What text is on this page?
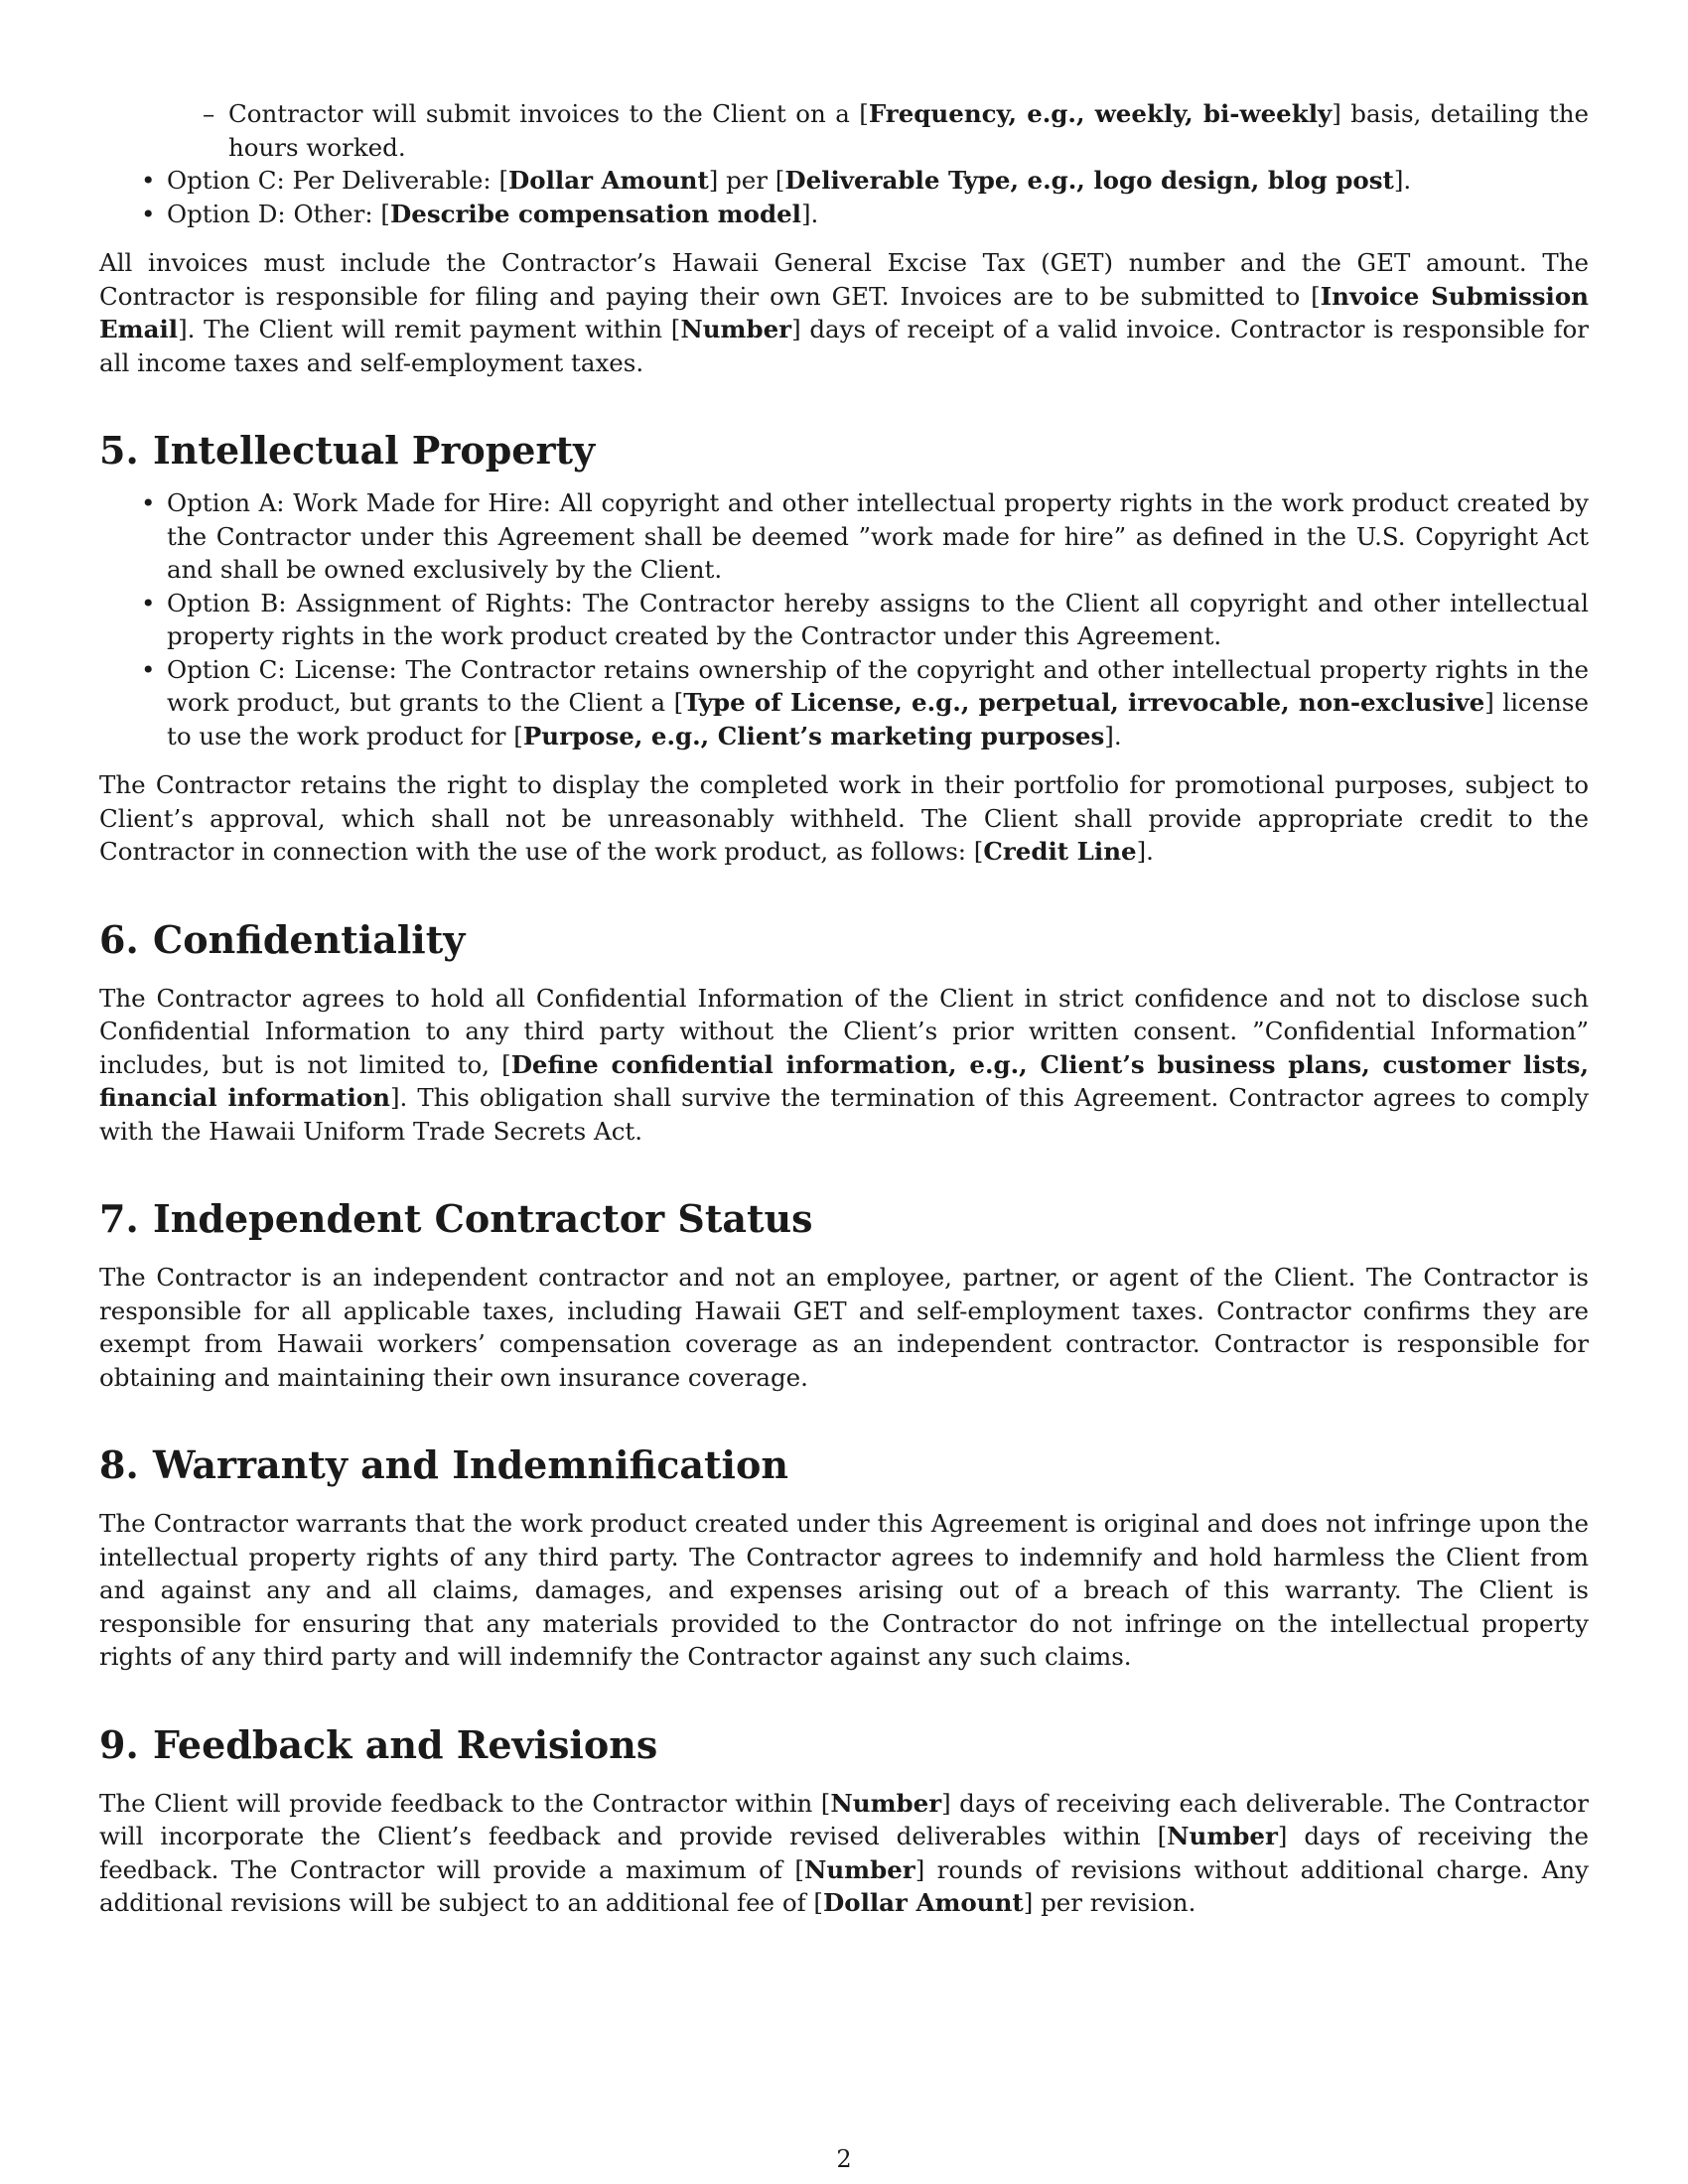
– Contractor will submit invoices to the Client on a [Frequency, e.g., weekly, bi-weekly] basis, detailing the hours worked.
• Option C: Per Deliverable: [Dollar Amount] per [Deliverable Type, e.g., logo design, blog post].
• Option D: Other: [Describe compensation model].

All invoices must include the Contractor’s Hawaii General Excise Tax (GET) number and the GET amount. The Contractor is responsible for filing and paying their own GET. Invoices are to be submitted to [Invoice Submission Email]. The Client will remit payment within [Number] days of receipt of a valid invoice. Contractor is responsible for all income taxes and self-employment taxes.

5. Intellectual Property
• Option A: Work Made for Hire: All copyright and other intellectual property rights in the work product created by the Contractor under this Agreement shall be deemed ”work made for hire” as defined in the U.S. Copyright Act and shall be owned exclusively by the Client.
• Option B: Assignment of Rights: The Contractor hereby assigns to the Client all copyright and other intellectual property rights in the work product created by the Contractor under this Agreement.
• Option C: License: The Contractor retains ownership of the copyright and other intellectual property rights in the work product, but grants to the Client a [Type of License, e.g., perpetual, irrevocable, non-exclusive] license to use the work product for [Purpose, e.g., Client’s marketing purposes].

The Contractor retains the right to display the completed work in their portfolio for promotional purposes, subject to Client’s approval, which shall not be unreasonably withheld. The Client shall provide appropriate credit to the Contractor in connection with the use of the work product, as follows: [Credit Line].

6. Confidentiality

The Contractor agrees to hold all Confidential Information of the Client in strict confidence and not to disclose such Confidential Information to any third party without the Client’s prior written consent. ”Confidential Information” includes, but is not limited to, [Define confidential information, e.g., Client’s business plans, customer lists, financial information]. This obligation shall survive the termination of this Agreement. Contractor agrees to comply with the Hawaii Uniform Trade Secrets Act.

7. Independent Contractor Status

The Contractor is an independent contractor and not an employee, partner, or agent of the Client. The Contractor is responsible for all applicable taxes, including Hawaii GET and self-employment taxes. Contractor confirms they are exempt from Hawaii workers’ compensation coverage as an independent contractor. Contractor is responsible for obtaining and maintaining their own insurance coverage.

8. Warranty and Indemnification

The Contractor warrants that the work product created under this Agreement is original and does not infringe upon the intellectual property rights of any third party. The Contractor agrees to indemnify and hold harmless the Client from and against any and all claims, damages, and expenses arising out of a breach of this warranty. The Client is responsible for ensuring that any materials provided to the Contractor do not infringe on the intellectual property rights of any third party and will indemnify the Contractor against any such claims.

9. Feedback and Revisions

The Client will provide feedback to the Contractor within [Number] days of receiving each deliverable. The Contractor will incorporate the Client’s feedback and provide revised deliverables within [Number] days of receiving the feedback. The Contractor will provide a maximum of [Number] rounds of revisions without additional charge. Any additional revisions will be subject to an additional fee of [Dollar Amount] per revision.

2
